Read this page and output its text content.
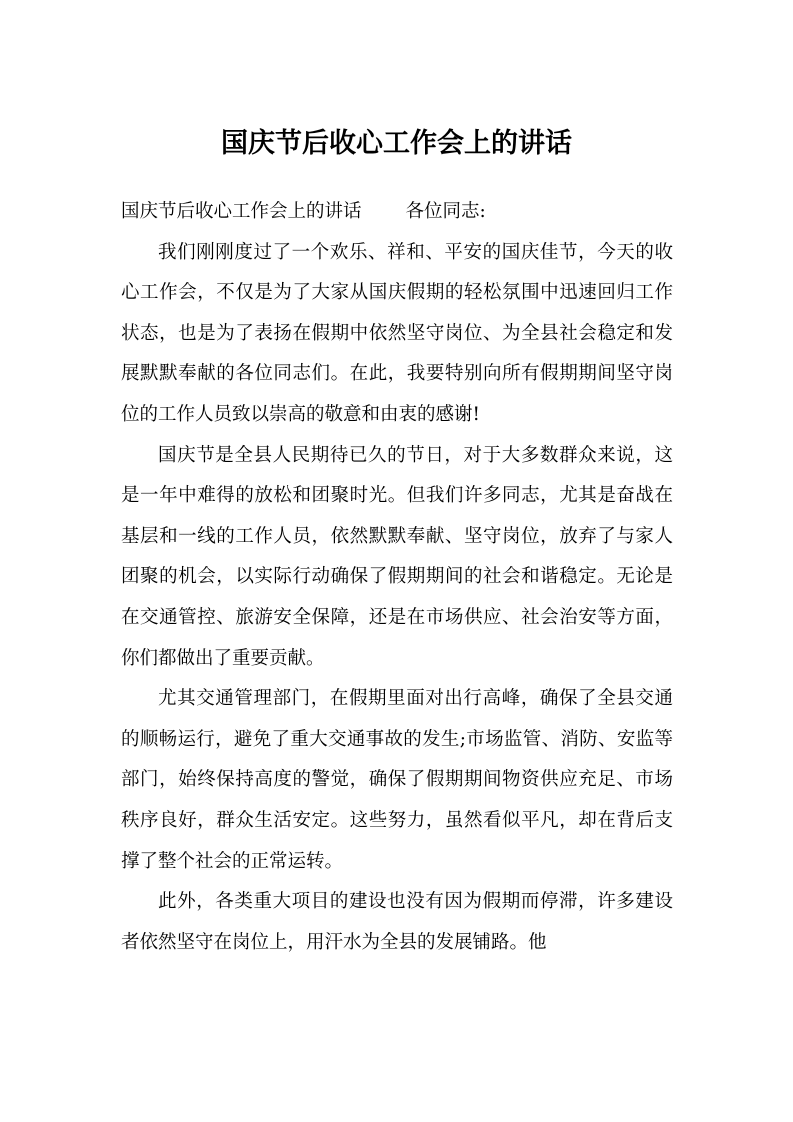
国庆节后收心工作会上的讲话

国庆节后收心工作会上的讲话 各位同志:

我们刚刚度过了一个欢乐、祥和、平安的国庆佳节，今天的收心工作会，不仅是为了大家从国庆假期的轻松氛围中迅速回归工作状态，也是为了表扬在假期中依然坚守岗位、为全县社会稳定和发展默默奉献的各位同志们。在此，我要特别向所有假期期间坚守岗位的工作人员致以崇高的敬意和由衷的感谢!

国庆节是全县人民期待已久的节日，对于大多数群众来说，这是一年中难得的放松和团聚时光。但我们许多同志，尤其是奋战在基层和一线的工作人员，依然默默奉献、坚守岗位，放弃了与家人团聚的机会，以实际行动确保了假期期间的社会和谐稳定。无论是在交通管控、旅游安全保障，还是在市场供应、社会治安等方面，你们都做出了重要贡献。

尤其交通管理部门，在假期里面对出行高峰，确保了全县交通的顺畅运行，避免了重大交通事故的发生;市场监管、消防、安监等部门，始终保持高度的警觉，确保了假期期间物资供应充足、市场秩序良好，群众生活安定。这些努力，虽然看似平凡，却在背后支撑了整个社会的正常运转。

此外，各类重大项目的建设也没有因为假期而停滞，许多建设者依然坚守在岗位上，用汗水为全县的发展铺路。他
